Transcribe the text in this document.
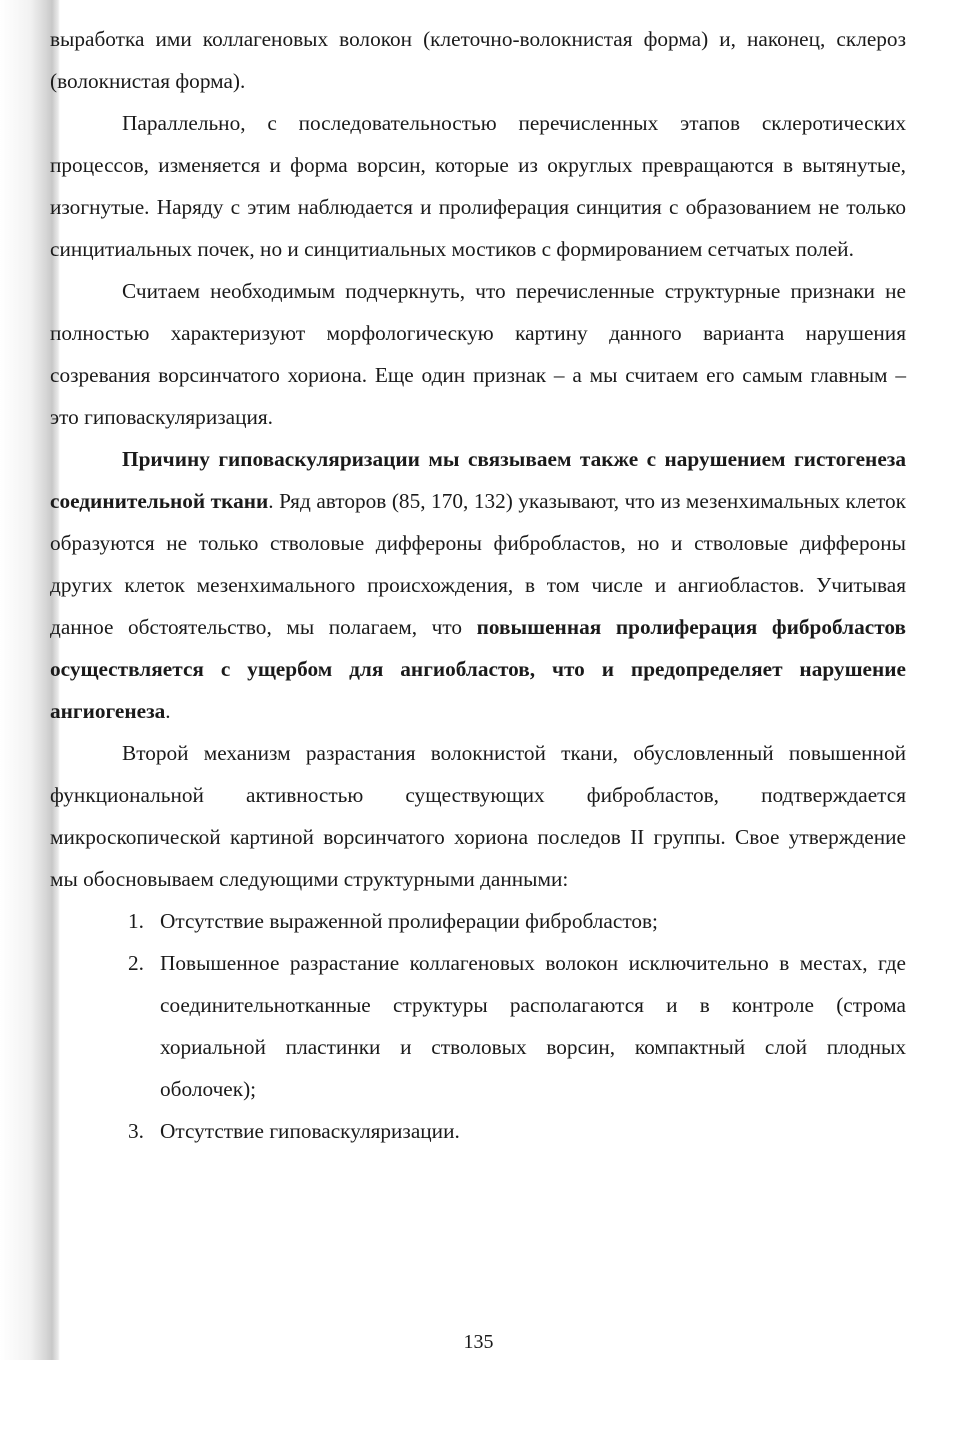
выработка ими коллагеновых волокон (клеточно-волокнистая форма) и, наконец, склероз (волокнистая форма).

Параллельно, с последовательностью перечисленных этапов склеротических процессов, изменяется и форма ворсин, которые из округлых превращаются в вытянутые, изогнутые. Наряду с этим наблюдается и пролиферация синцития с образованием не только синцитиальных почек, но и синцитиальных мостиков с формированием сетчатых полей.

Считаем необходимым подчеркнуть, что перечисленные структурные признаки не полностью характеризуют морфологическую картину данного варианта нарушения созревания ворсинчатого хориона. Еще один признак – а мы считаем его самым главным – это гиповаскуляризация.

Причину гиповаскуляризации мы связываем также с нарушением гистогенеза соединительной ткани. Ряд авторов (85, 170, 132) указывают, что из мезенхимальных клеток образуются не только стволовые диффероны фибробластов, но и стволовые диффероны других клеток мезенхимального происхождения, в том числе и ангиобластов. Учитывая данное обстоятельство, мы полагаем, что повышенная пролиферация фибробластов осуществляется с ущербом для ангиобластов, что и предопределяет нарушение ангиогенеза.

Второй механизм разрастания волокнистой ткани, обусловленный повышенной функциональной активностью существующих фибробластов, подтверждается микроскопической картиной ворсинчатого хориона последов II группы. Свое утверждение мы обосновываем следующими структурными данными:

1. Отсутствие выраженной пролиферации фибробластов;
2. Повышенное разрастание коллагеновых волокон исключительно в местах, где соединительнотканные структуры располагаются и в контроле (строма хориальной пластинки и стволовых ворсин, компактный слой плодных оболочек);
3. Отсутствие гиповаскуляризации.
135
